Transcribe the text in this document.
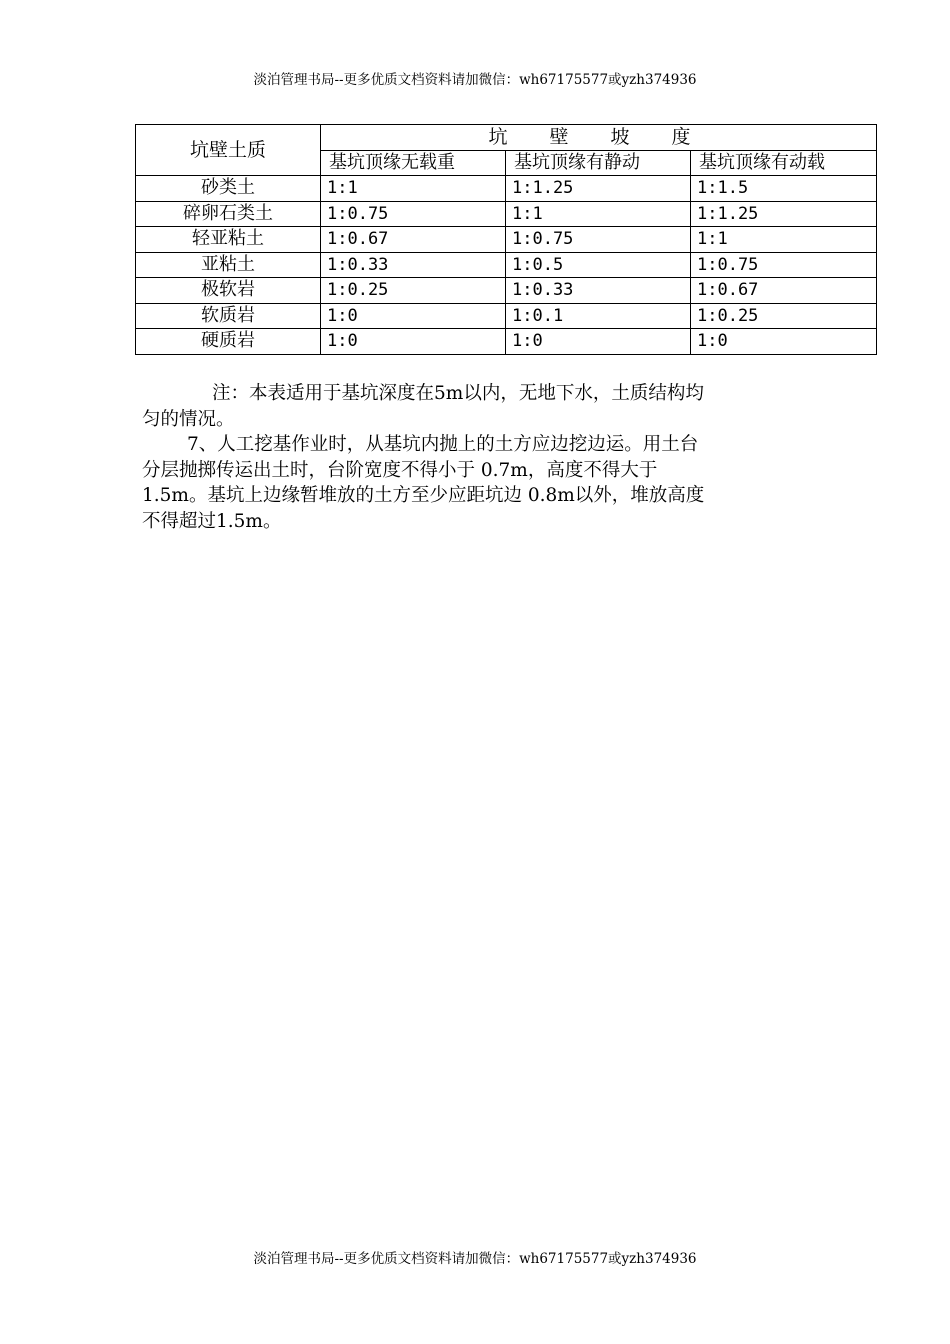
淡泊管理书局--更多优质文档资料请加微信：wh67175577或yzh374936
坑壁土质	坑 壁 坡 度		
	基坑顶缘无载重	基坑顶缘有静动	基坑顶缘有动载
砂类土	1:1	1:1.25	1:1.5
碎卵石类土	1:0.75	1:1	1:1.25
轻亚粘土	1:0.67	1:0.75	1:1
亚粘土	1:0.33	1:0.5	1:0.75
极软岩	1:0.25	1:0.33	1:0.67
软质岩	1:0	1:0.1	1:0.25
硬质岩	1:0	1:0	1:0

注：本表适用于基坑深度在5m以内，无地下水，土质结构均

匀的情况。

7、人工挖基作业时，从基坑内抛上的土方应边挖边运。用土台

分层抛掷传运出土时，台阶宽度不得小于 0.7m，高度不得大于

1.5m。基坑上边缘暂堆放的土方至少应距坑边 0.8m以外，堆放高度

不得超过1.5m。

淡泊管理书局--更多优质文档资料请加微信：wh67175577或yzh374936
